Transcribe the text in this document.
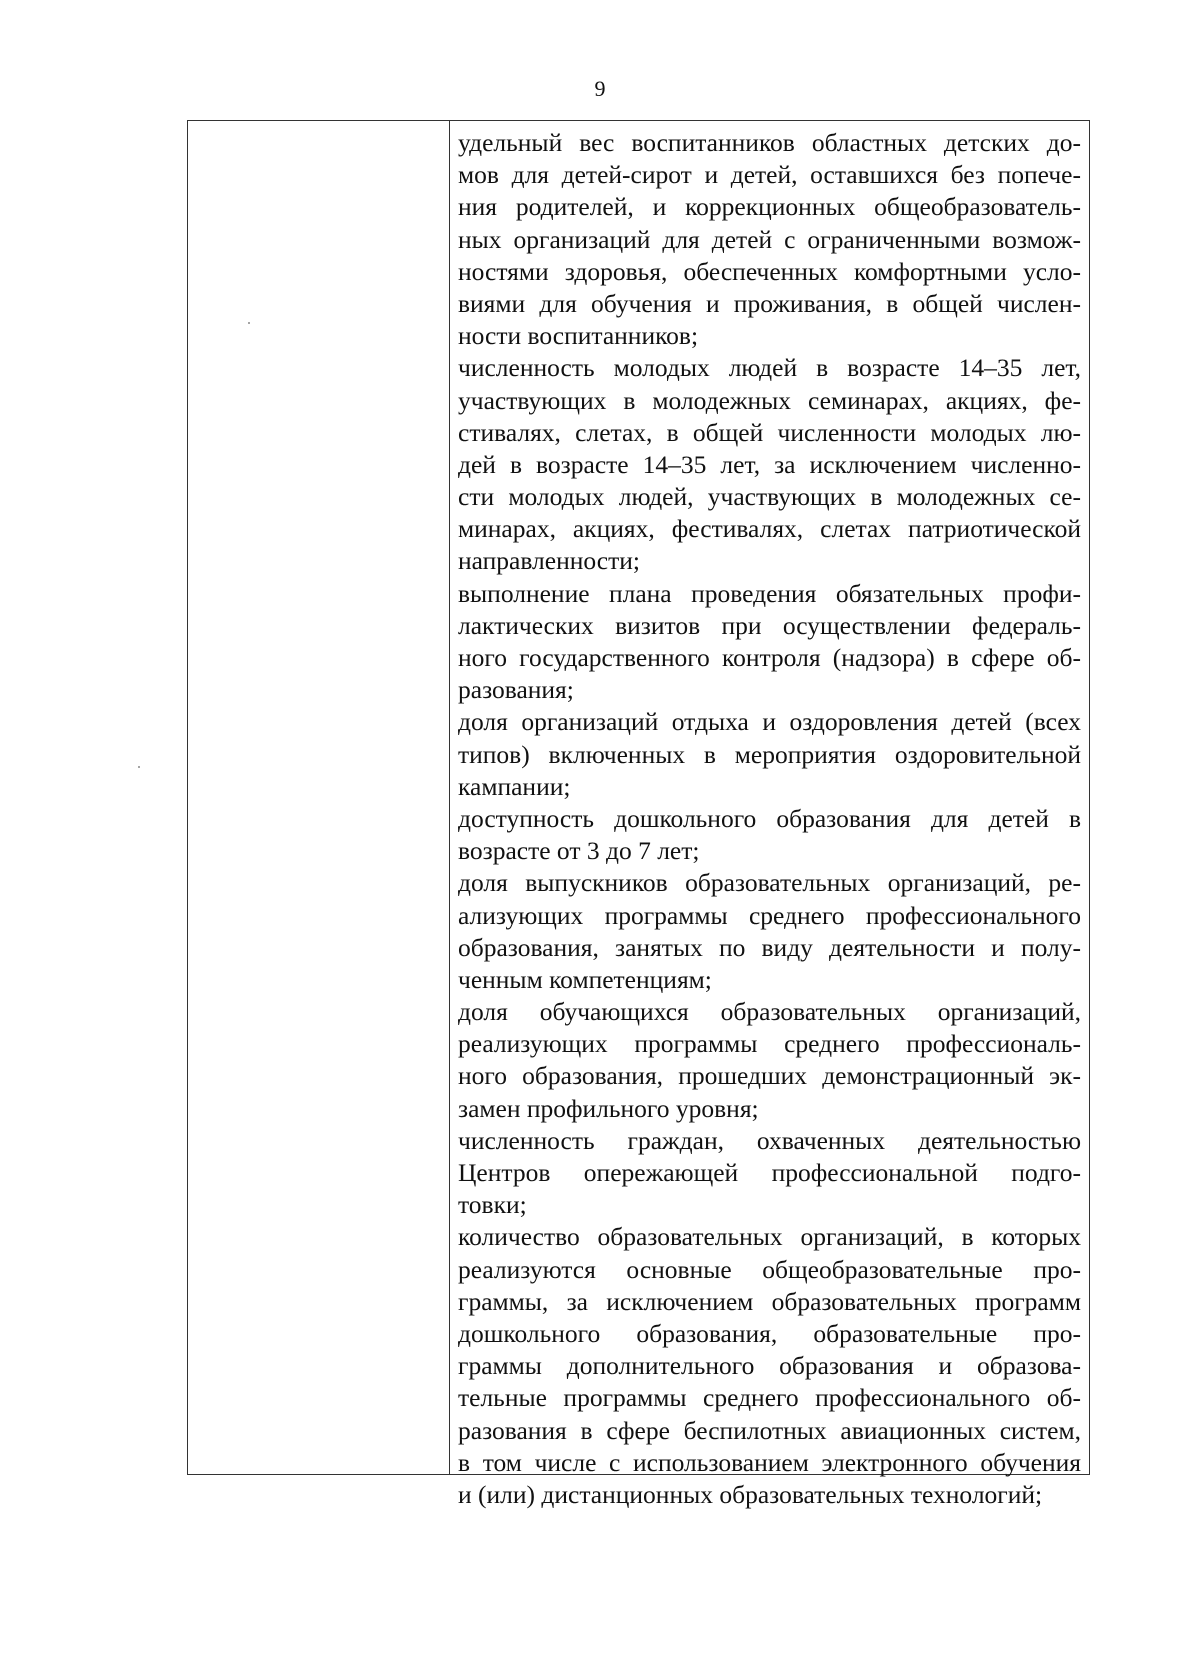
9
удельный вес воспитанников областных детских до-
мов для детей-сирот и детей, оставшихся без попече-
ния родителей, и коррекционных общеобразователь-
ных организаций для детей с ограниченными возмож-
ностями здоровья, обеспеченных комфортными усло-
виями для обучения и проживания, в общей числен-
ности воспитанников;
численность молодых людей в возрасте 14–35 лет,
участвующих в молодежных семинарах, акциях, фе-
стивалях, слетах, в общей численности молодых лю-
дей в возрасте 14–35 лет, за исключением численно-
сти молодых людей, участвующих в молодежных се-
минарах, акциях, фестивалях, слетах патриотической
направленности;
выполнение плана проведения обязательных профи-
лактических визитов при осуществлении федераль-
ного государственного контроля (надзора) в сфере об-
разования;
доля организаций отдыха и оздоровления детей (всех
типов) включенных в мероприятия оздоровительной
кампании;
доступность дошкольного образования для детей в
возрасте от 3 до 7 лет;
доля выпускников образовательных организаций, ре-
ализующих программы среднего профессионального
образования, занятых по виду деятельности и полу-
ченным компетенциям;
доля обучающихся образовательных организаций,
реализующих программы среднего профессиональ-
ного образования, прошедших демонстрационный эк-
замен профильного уровня;
численность граждан, охваченных деятельностью
Центров опережающей профессиональной подго-
товки;
количество образовательных организаций, в которых
реализуются основные общеобразовательные про-
граммы, за исключением образовательных программ
дошкольного образования, образовательные про-
граммы дополнительного образования и образова-
тельные программы среднего профессионального об-
разования в сфере беспилотных авиационных систем,
в том числе с использованием электронного обучения
и (или) дистанционных образовательных технологий;
